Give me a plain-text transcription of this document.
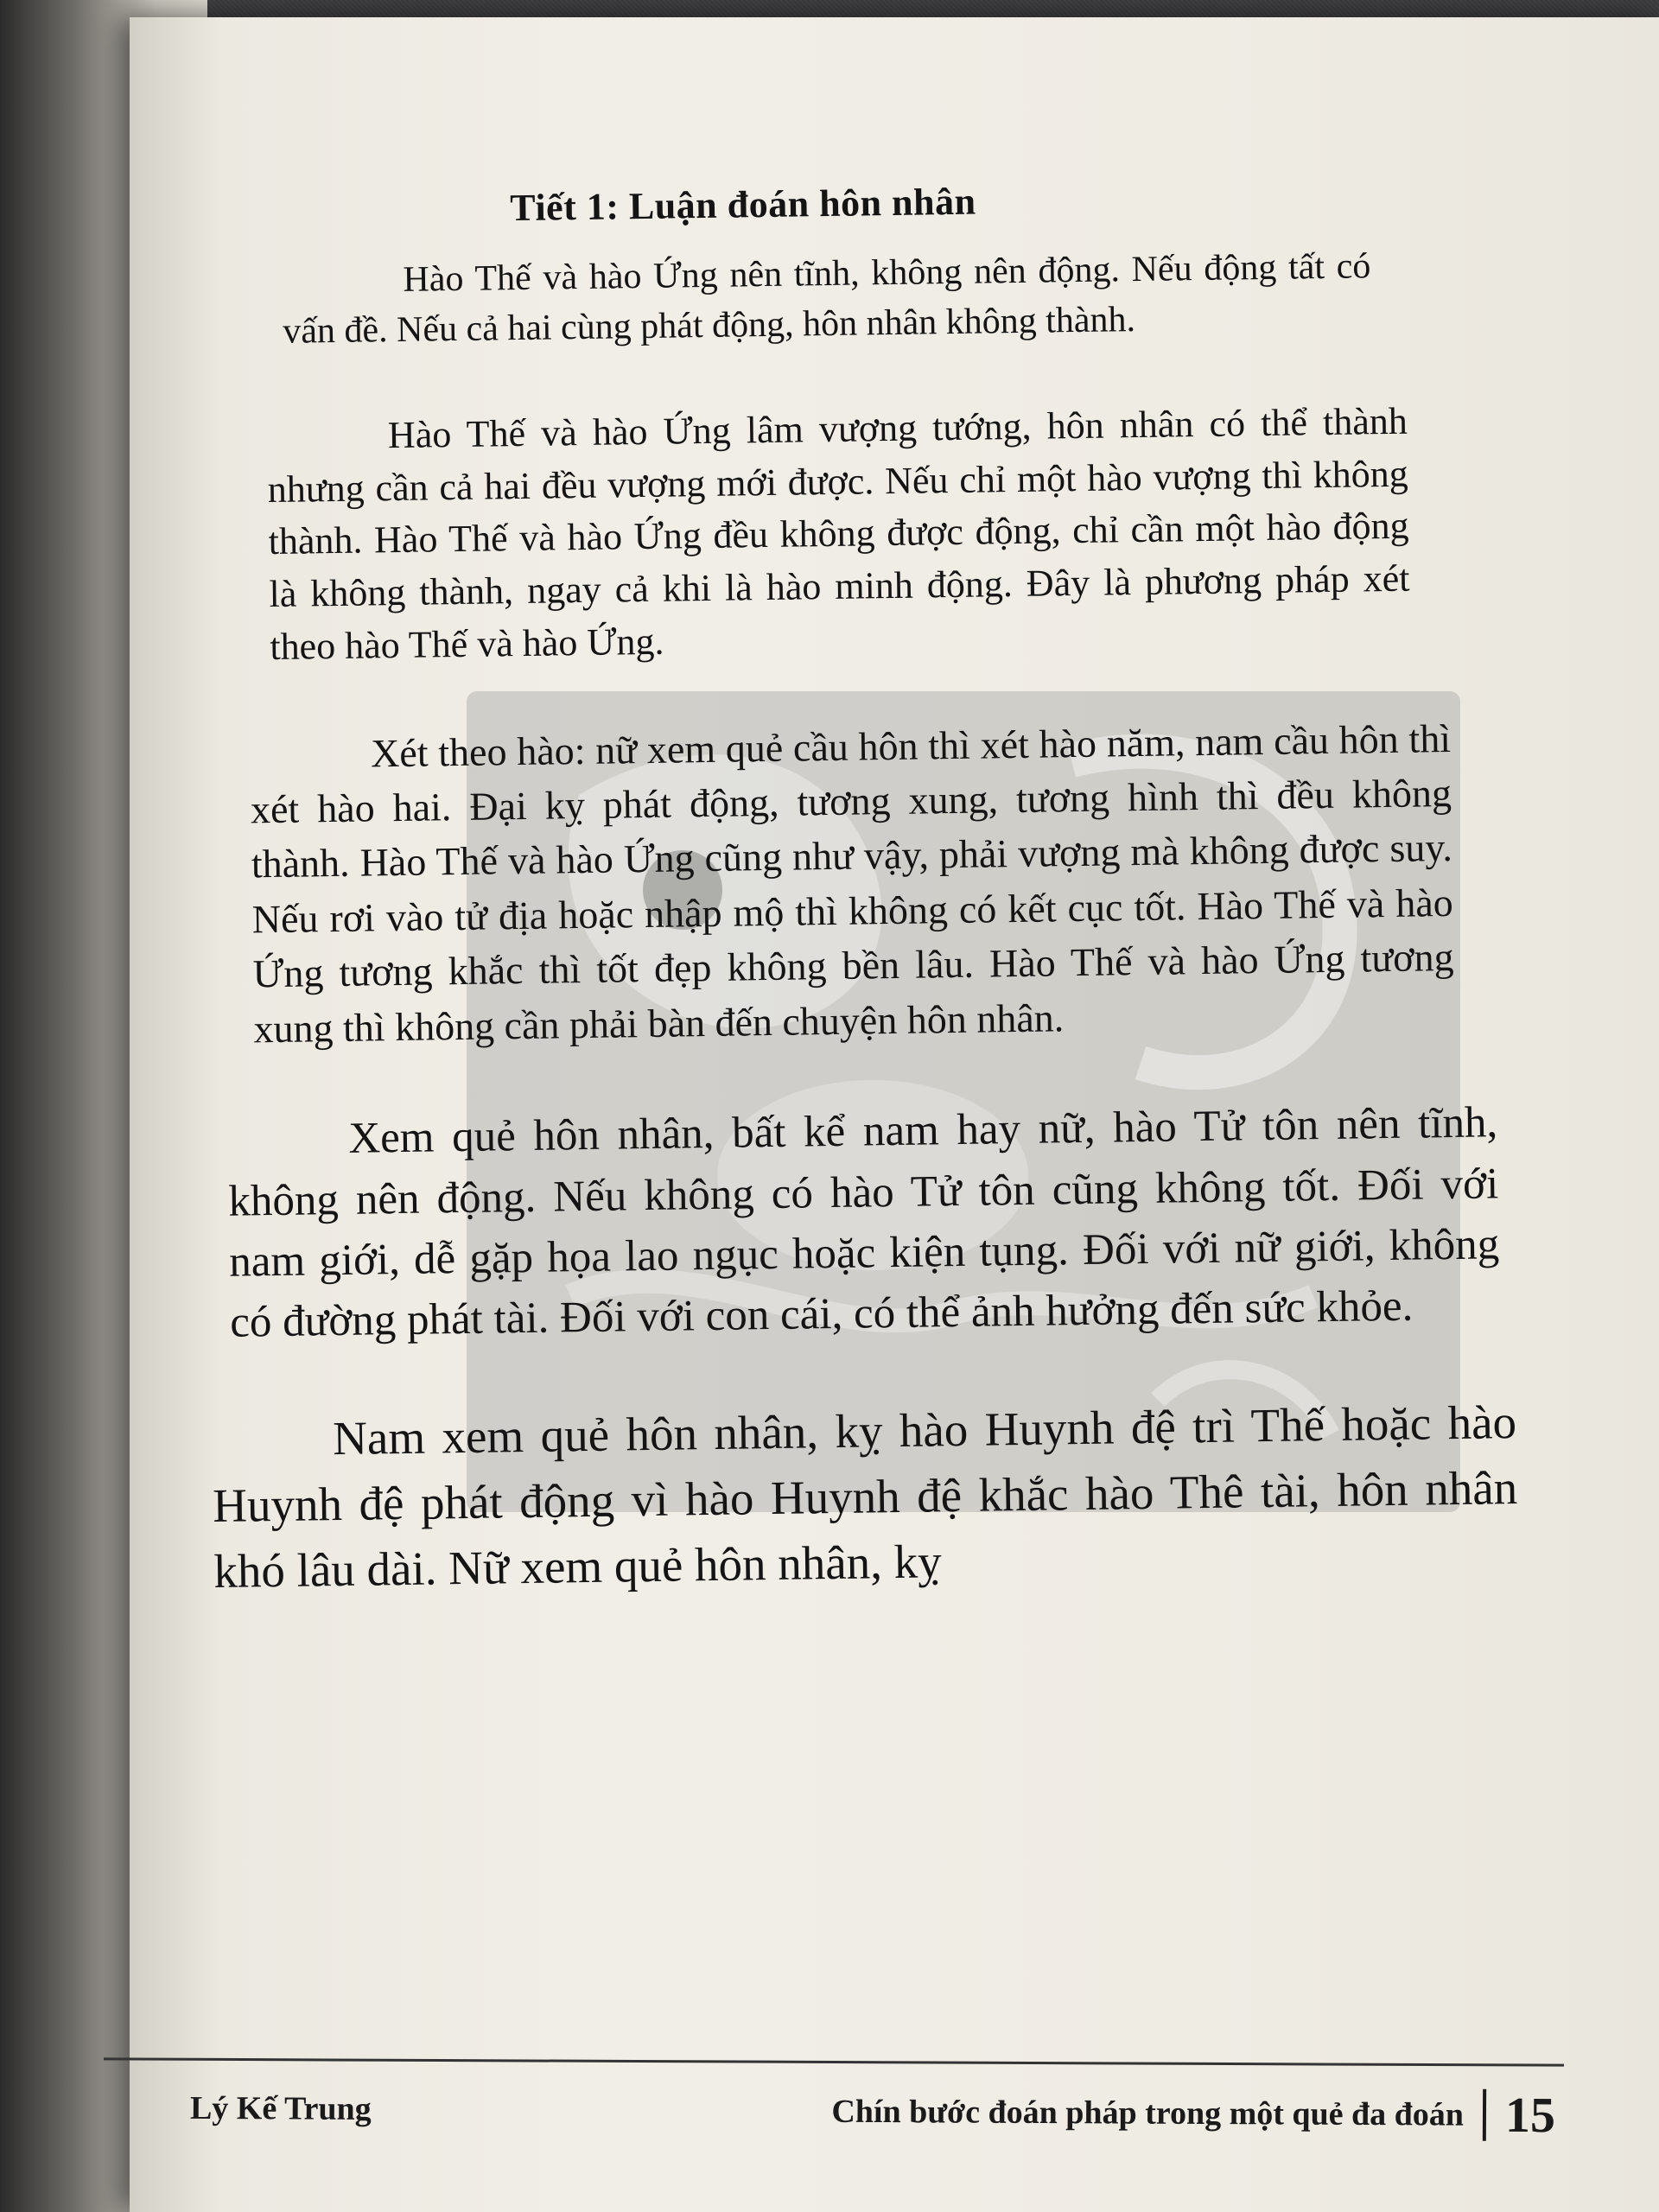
Tiết 1: Luận đoán hôn nhân

Hào Thế và hào Ứng nên tĩnh, không nên động. Nếu động tất có vấn đề. Nếu cả hai cùng phát động, hôn nhân không thành.

Hào Thế và hào Ứng lâm vượng tướng, hôn nhân có thể thành nhưng cần cả hai đều vượng mới được. Nếu chỉ một hào vượng thì không thành. Hào Thế và hào Ứng đều không được động, chỉ cần một hào động là không thành, ngay cả khi là hào minh động. Đây là phương pháp xét theo hào Thế và hào Ứng.

Xét theo hào: nữ xem quẻ cầu hôn thì xét hào năm, nam cầu hôn thì xét hào hai. Đại kỵ phát động, tương xung, tương hình thì đều không thành. Hào Thế và hào Ứng cũng như vậy, phải vượng mà không được suy. Nếu rơi vào tử địa hoặc nhập mộ thì không có kết cục tốt. Hào Thế và hào Ứng tương khắc thì tốt đẹp không bền lâu. Hào Thế và hào Ứng tương xung thì không cần phải bàn đến chuyện hôn nhân.

Xem quẻ hôn nhân, bất kể nam hay nữ, hào Tử tôn nên tĩnh, không nên động. Nếu không có hào Tử tôn cũng không tốt. Đối với nam giới, dễ gặp họa lao ngục hoặc kiện tụng. Đối với nữ giới, không có đường phát tài. Đối với con cái, có thể ảnh hưởng đến sức khỏe.

Nam xem quẻ hôn nhân, kỵ hào Huynh đệ trì Thế hoặc hào Huynh đệ phát động vì hào Huynh đệ khắc hào Thê tài, hôn nhân khó lâu dài. Nữ xem quẻ hôn nhân, kỵ

Lý Kế Trung	Chín bước đoán pháp trong một quẻ đa đoán 15
